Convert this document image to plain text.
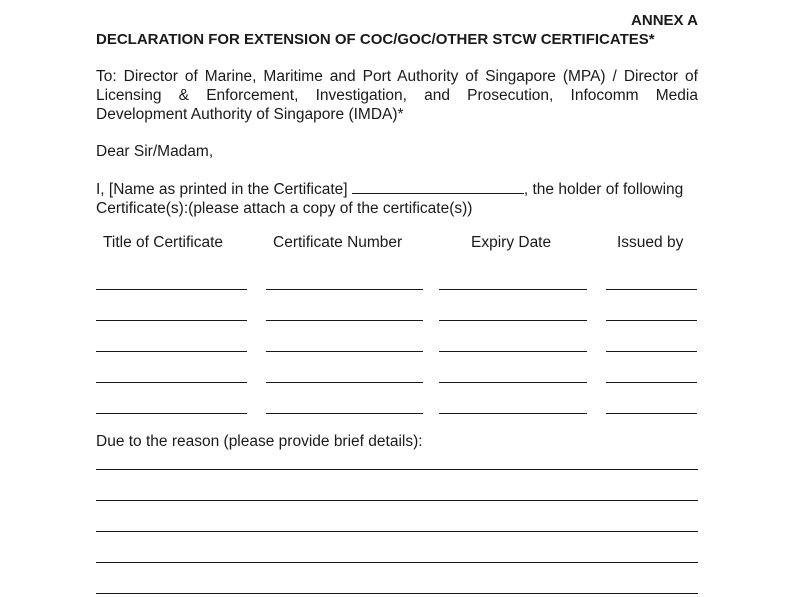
ANNEX A
DECLARATION FOR EXTENSION OF COC/GOC/OTHER STCW CERTIFICATES*
To: Director of Marine, Maritime and Port Authority of Singapore (MPA) / Director of
Licensing & Enforcement, Investigation, and Prosecution, Infocomm Media
Development Authority of Singapore (IMDA)*
Dear Sir/Madam,
I, [Name as printed in the Certificate]	, the holder of following
Certificate(s):(please attach a copy of the certificate(s))
Title of Certificate	Certificate Number	Expiry Date	Issued by
Due to the reason (please provide brief details):
